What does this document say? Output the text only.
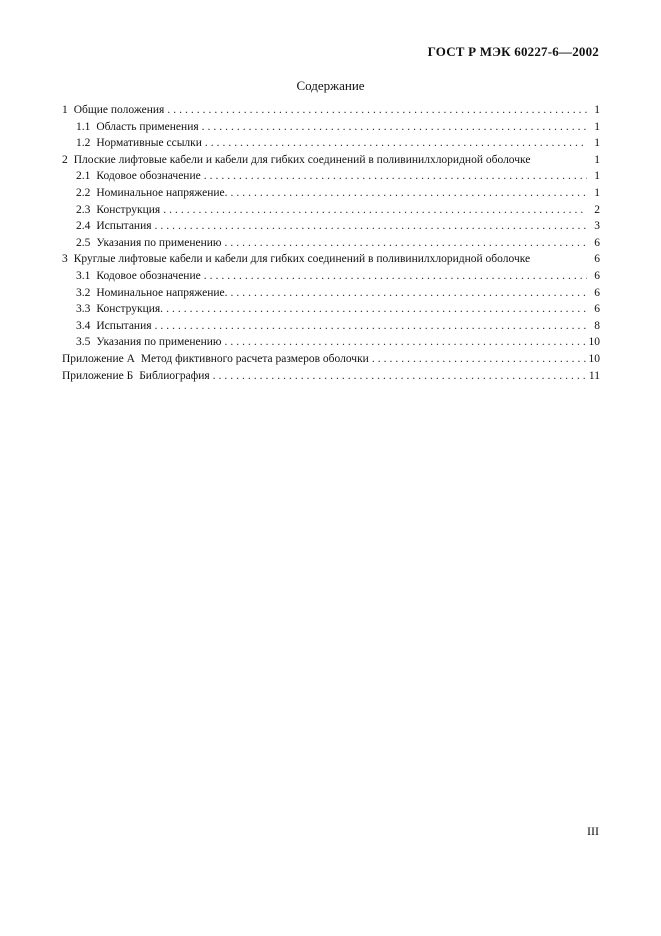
ГОСТ Р МЭК 60227-6—2002
Содержание
1 Общие положения .....	1
1.1 Область применения .....	1
1.2 Нормативные ссылки .....	1
2 Плоские лифтовые кабели и кабели для гибких соединений в поливинилхлоридной оболочке	1
2.1 Кодовое обозначение .....	1
2.2 Номинальное напряжение. .....	1
2.3 Конструкция .....	2
2.4 Испытания .....	3
2.5 Указания по применению .....	6
3 Круглые лифтовые кабели и кабели для гибких соединений в поливинилхлоридной оболочке	6
3.1 Кодовое обозначение .....	6
3.2 Номинальное напряжение. .....	6
3.3 Конструкция. .....	6
3.4 Испытания .....	8
3.5 Указания по применению .....	10
Приложение А Метод фиктивного расчета размеров оболочки .....	10
Приложение Б Библиография .....	11
III
